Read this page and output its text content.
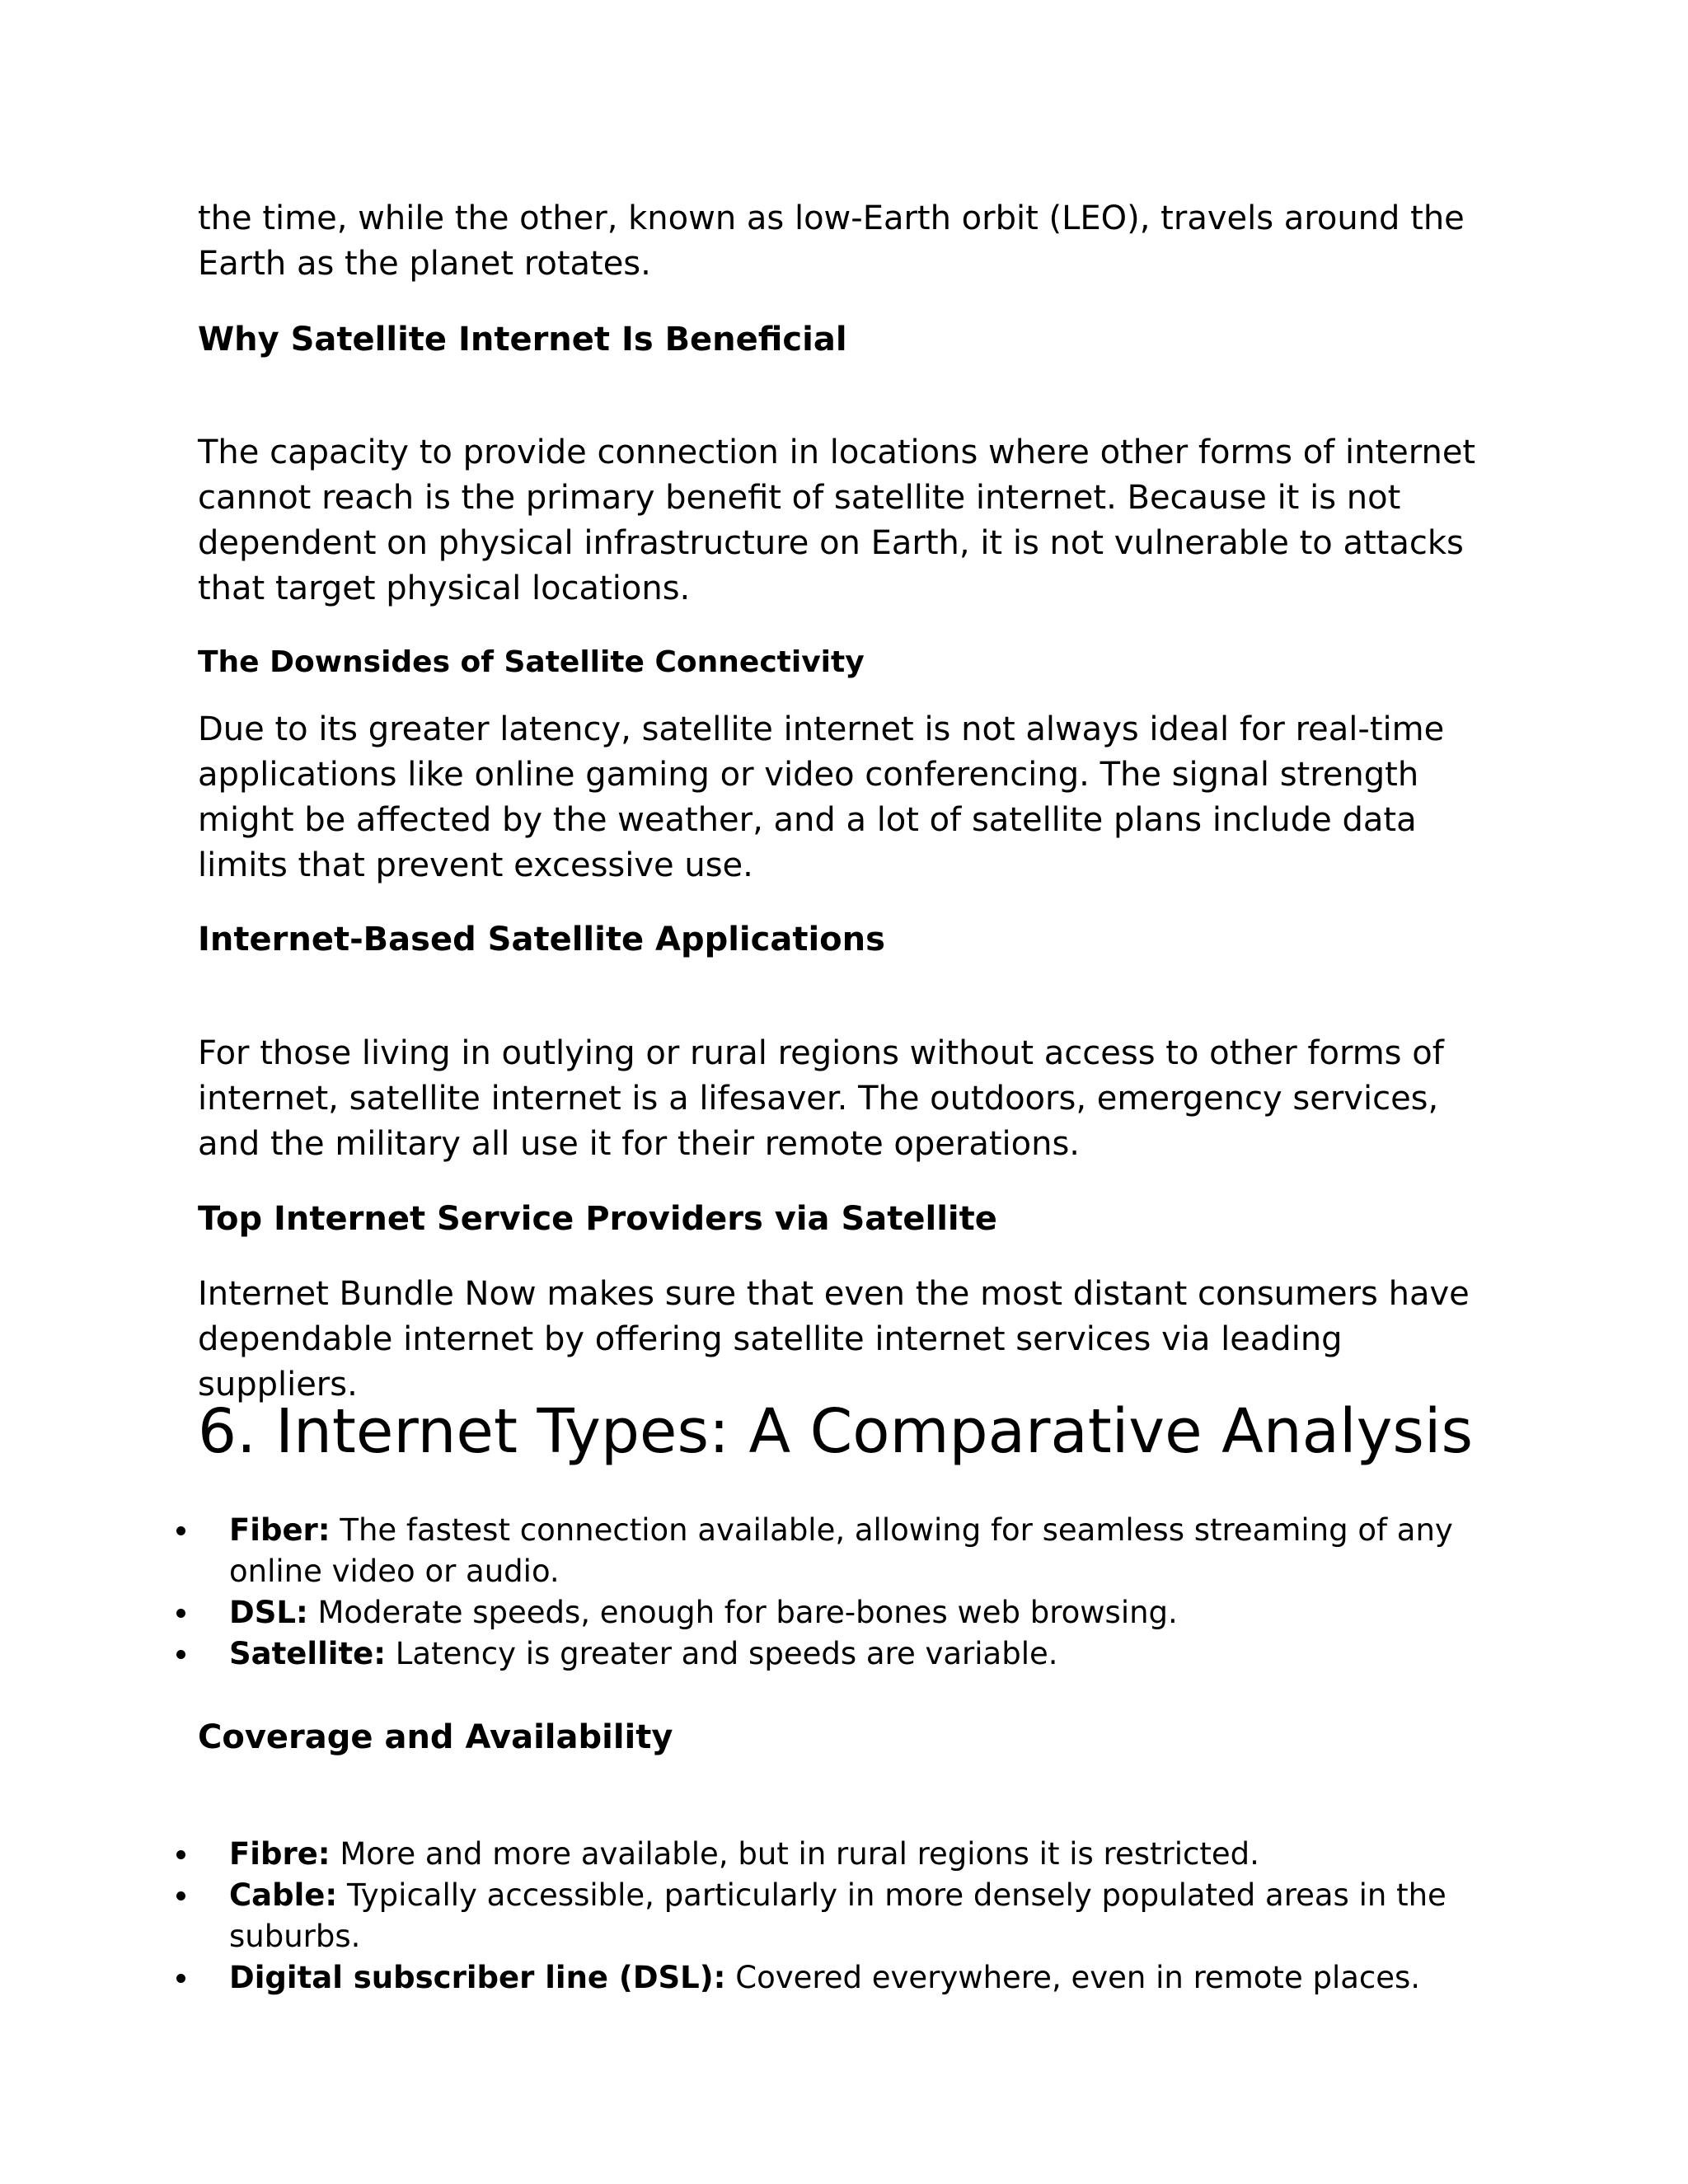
the time, while the other, known as low-Earth orbit (LEO), travels around the Earth as the planet rotates.

Why Satellite Internet Is Beneficial

The capacity to provide connection in locations where other forms of internet cannot reach is the primary benefit of satellite internet. Because it is not dependent on physical infrastructure on Earth, it is not vulnerable to attacks that target physical locations.

The Downsides of Satellite Connectivity

Due to its greater latency, satellite internet is not always ideal for real-time applications like online gaming or video conferencing. The signal strength might be affected by the weather, and a lot of satellite plans include data limits that prevent excessive use.

Internet-Based Satellite Applications

For those living in outlying or rural regions without access to other forms of internet, satellite internet is a lifesaver. The outdoors, emergency services, and the military all use it for their remote operations.

Top Internet Service Providers via Satellite

Internet Bundle Now makes sure that even the most distant consumers have dependable internet by offering satellite internet services via leading suppliers.

6. Internet Types: A Comparative Analysis
Fiber: The fastest connection available, allowing for seamless streaming of any online video or audio.
DSL: Moderate speeds, enough for bare-bones web browsing.
Satellite: Latency is greater and speeds are variable.
Coverage and Availability
Fibre: More and more available, but in rural regions it is restricted.
Cable: Typically accessible, particularly in more densely populated areas in the suburbs.
Digital subscriber line (DSL): Covered everywhere, even in remote places.
